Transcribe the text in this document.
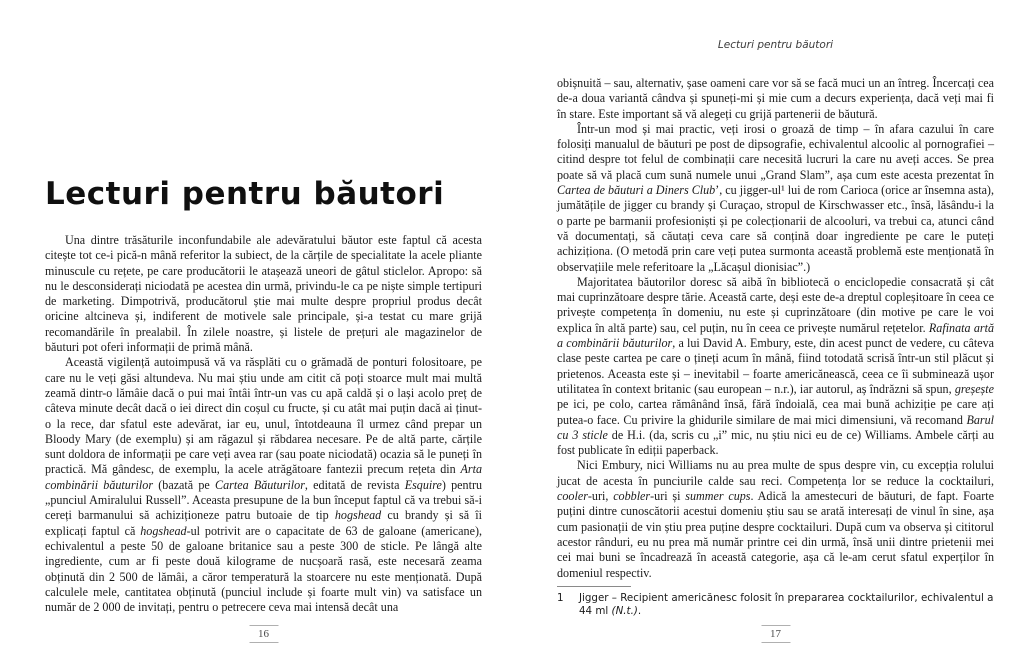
Lecturi pentru băutori

Una dintre trăsăturile inconfundabile ale adevăratului băutor este faptul că acesta citește tot ce-i pică-n mână referitor la subiect, de la cărțile de specialitate la acele pliante minuscule cu rețete, pe care producătorii le atașează uneori de gâtul sticlelor. Apropo: să nu le desconsiderați niciodată pe acestea din urmă, privindu-le ca pe niște simple tertipuri de marketing. Dimpotrivă, producătorul știe mai multe despre propriul produs decât oricine altcineva și, indiferent de motivele sale principale, și-a testat cu mare grijă recomandările în prealabil. În zilele noastre, și listele de prețuri ale magazinelor de băuturi pot oferi informații de primă mână.

Această vigilență autoimpusă vă va răsplăti cu o grămadă de ponturi folositoare, pe care nu le veți găsi altundeva. Nu mai știu unde am citit că poți stoarce mult mai multă zeamă dintr-o lămâie dacă o pui mai întâi într-un vas cu apă caldă și o lași acolo preț de câteva minute decât dacă o iei direct din coșul cu fructe, și cu atât mai puțin dacă ai ținut-o la rece, dar sfatul este adevărat, iar eu, unul, întotdeauna îl urmez când prepar un Bloody Mary (de exemplu) și am răgazul și răbdarea necesare. Pe de altă parte, cărțile sunt doldora de informații pe care veți avea rar (sau poate niciodată) ocazia să le puneți în practică. Mă gândesc, de exemplu, la acele atrăgătoare fantezii precum rețeta din Arta combinării băuturilor (bazată pe Cartea Băuturilor, editată de revista Esquire) pentru „punciul Amiralului Russell”. Aceasta presupune de la bun început faptul că va trebui să-i cereți barmanului să achiziționeze patru butoaie de tip hogshead cu brandy și să îi explicați faptul că hogshead-ul potrivit are o capacitate de 63 de galoane (americane), echivalentul a peste 50 de galoane britanice sau a peste 300 de sticle. Pe lângă alte ingrediente, cum ar fi peste două kilograme de nucșoară rasă, este necesară zeama obținută din 2 500 de lămâi, a căror temperatură la stoarcere nu este menționată. După calculele mele, cantitatea obținută (punciul include și foarte mult vin) va satisface un număr de 2 000 de invitați, pentru o petrecere ceva mai intensă decât una

16
Lecturi pentru băutori

obișnuită – sau, alternativ, șase oameni care vor să se facă muci un an întreg. Încercați cea de-a doua variantă cândva și spuneți-mi și mie cum a decurs experiența, dacă veți mai fi în stare. Este important să vă alegeți cu grijă partenerii de băutură.

Într-un mod și mai practic, veți irosi o groază de timp – în afara cazului în care folosiți manualul de băuturi pe post de dipsografie, echivalentul alcoolic al pornografiei – citind despre tot felul de combinații care necesită lucruri la care nu aveți acces. Se prea poate să vă placă cum sună numele unui „Grand Slam”, așa cum este acesta prezentat în Cartea de băuturi a Diners Club’, cu jigger-ul¹ lui de rom Carioca (orice ar însemna asta), jumătățile de jigger cu brandy și Curaçao, stropul de Kirschwasser etc., însă, lăsându-i la o parte pe barmanii profesioniști și pe colecționarii de alcooluri, va trebui ca, atunci când vă documentați, să căutați ceva care să conțină doar ingrediente pe care le puteți achiziționa. (O metodă prin care veți putea surmonta această problemă este menționată în observațiile mele referitoare la „Lăcașul dionisiac”.)

Majoritatea băutorilor doresc să aibă în bibliotecă o enciclopedie consacrată și cât mai cuprinzătoare despre tărie. Această carte, deși este de-a dreptul copleșitoare în ceea ce privește competența în domeniu, nu este și cuprinzătoare (din motive pe care le voi explica în altă parte) sau, cel puțin, nu în ceea ce privește numărul rețetelor. Rafinata artă a combinării băuturilor, a lui David A. Embury, este, din acest punct de vedere, cu câteva clase peste cartea pe care o țineți acum în mână, fiind totodată scrisă într-un stil plăcut și prietenos. Aceasta este și – inevitabil – foarte americănească, ceea ce îi subminează ușor utilitatea în context britanic (sau european – n.r.), iar autorul, aș îndrăzni să spun, greșește pe ici, pe colo, cartea rămânând însă, fără îndoială, cea mai bună achiziție pe care ați putea-o face. Cu privire la ghidurile similare de mai mici dimensiuni, vă recomand Barul cu 3 sticle de H.i. (da, scris cu „i” mic, nu știu nici eu de ce) Williams. Ambele cărți au fost publicate în ediții paperback.

Nici Embury, nici Williams nu au prea multe de spus despre vin, cu excepția rolului jucat de acesta în punciurile calde sau reci. Competența lor se reduce la cocktailuri, cooler-uri, cobbler-uri și summer cups. Adică la amestecuri de băuturi, de fapt. Foarte puțini dintre cunoscătorii acestui domeniu știu sau se arată interesați de vinul în sine, așa cum pasionații de vin știu prea puține despre cocktailuri. După cum va observa și cititorul acestor rânduri, eu nu prea mă număr printre cei din urmă, însă unii dintre prietenii mei cei mai buni se încadrează în această categorie, așa că le-am cerut sfatul experților în domeniul respectiv.

1	Jigger – Recipient americănesc folosit în prepararea cocktailurilor, echivalentul a 44 ml (N.t.).
17
